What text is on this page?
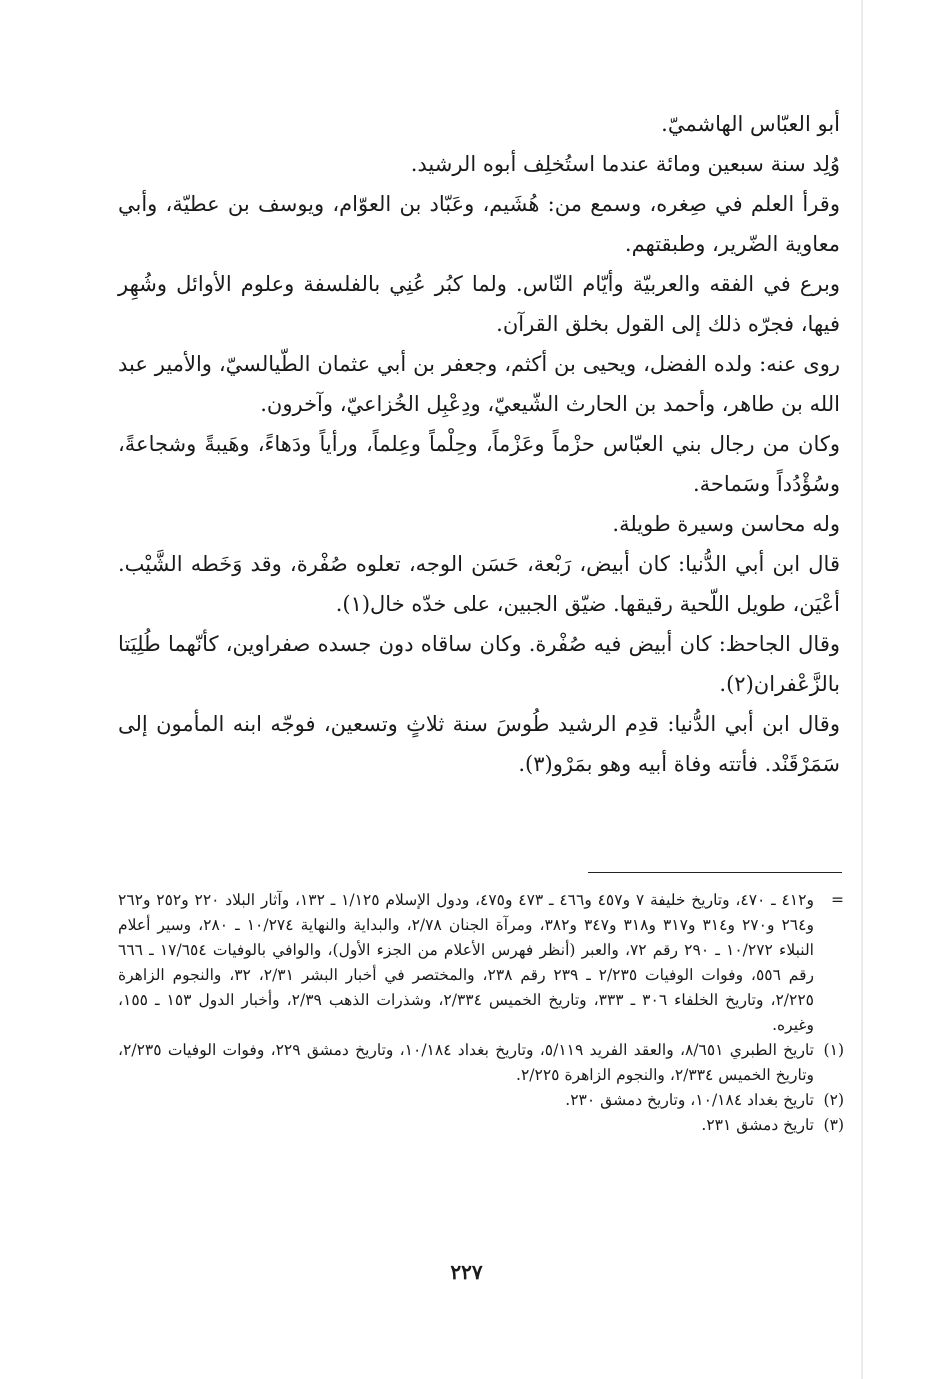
أبو العبّاس الهاشميّ.

وُلِد سنة سبعين ومائة عندما استُخلِف أبوه الرشيد.

وقرأ العلم في صِغره، وسمع من: هُشَيم، وعَبّاد بن العوّام، ويوسف بن عطيّة، وأبي معاوية الضّرير، وطبقتهم.

وبرع في الفقه والعربيّة وأيّام النّاس. ولما كبُر عُنِي بالفلسفة وعلوم الأوائل وشُهِر فيها، فجرّه ذلك إلى القول بخلق القرآن.

روى عنه: ولده الفضل، ويحيى بن أكثم، وجعفر بن أبي عثمان الطّيالسيّ، والأمير عبد الله بن طاهر، وأحمد بن الحارث الشّيعيّ، ودِعْبِل الخُزاعيّ، وآخرون.

وكان من رجال بني العبّاس حزْماً وعَزْماً، وحِلْماً وعِلماً، ورأياً ودَهاءً، وهَيبةً وشجاعةً، وسُؤْدُداً وسَماحة.

وله محاسن وسيرة طويلة.

قال ابن أبي الدُّنيا: كان أبيض، رَبْعة، حَسَن الوجه، تعلوه صُفْرة، وقد وَخَطه الشَّيْب. أعْيَن، طويل اللّحية رقيقها. ضيّق الجبين، على خدّه خال(١).

وقال الجاحظ: كان أبيض فيه صُفْرة. وكان ساقاه دون جسده صفراوين، كأنّهما طُلِيَتا بالزَّعْفران(٢).

وقال ابن أبي الدُّنيا: قدِم الرشيد طُوسَ سنة ثلاثٍ وتسعين، فوجّه ابنه المأمون إلى سَمَرْقَنْد. فأتته وفاة أبيه وهو بمَرْو(٣).

=
و٤١٢ ـ ٤٧٠، وتاريخ خليفة ٧ و٤٥٧ و٤٦٦ ـ ٤٧٣ و٤٧٥، ودول الإسلام ١/١٢٥ ـ ١٣٢، وآثار البلاد ٢٢٠ و٢٥٢ و٢٦٢ و٢٦٤ و٢٧٠ و٣١٤ و٣١٧ و٣١٨ و٣٤٧ و٣٨٢، ومرآة الجنان ٢/٧٨، والبداية والنهاية ١٠/٢٧٤ ـ ٢٨٠، وسير أعلام النبلاء ١٠/٢٧٢ ـ ٢٩٠ رقم ٧٢، والعبر (أنظر فهرس الأعلام من الجزء الأول)، والوافي بالوفيات ١٧/٦٥٤ ـ ٦٦٦ رقم ٥٥٦، وفوات الوفيات ٢/٢٣٥ ـ ٢٣٩ رقم ٢٣٨، والمختصر في أخبار البشر ٢/٣١، ٣٢، والنجوم الزاهرة ٢/٢٢٥، وتاريخ الخلفاء ٣٠٦ ـ ٣٣٣، وتاريخ الخميس ٢/٣٣٤، وشذرات الذهب ٢/٣٩، وأخبار الدول ١٥٣ ـ ١٥٥، وغيره.
(١)
تاريخ الطبري ٨/٦٥١، والعقد الفريد ٥/١١٩، وتاريخ بغداد ١٠/١٨٤، وتاريخ دمشق ٢٢٩، وفوات الوفيات ٢/٢٣٥، وتاريخ الخميس ٢/٣٣٤، والنجوم الزاهرة ٢/٢٢٥.
(٢)
تاريخ بغداد ١٠/١٨٤، وتاريخ دمشق ٢٣٠.
(٣)
تاريخ دمشق ٢٣١.
٢٢٧
